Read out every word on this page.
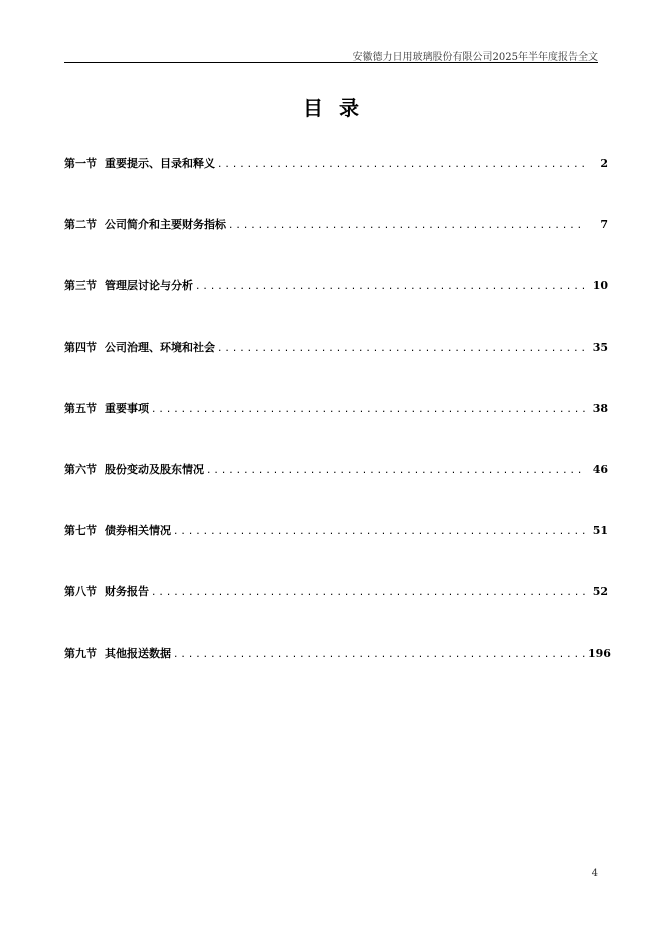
安徽德力日用玻璃股份有限公司2025年半年度报告全文
目录
第一节 重要提示、目录和释义 .....	2
第二节 公司简介和主要财务指标 .....	7
第三节 管理层讨论与分析 .....	10
第四节 公司治理、环境和社会 .....	35
第五节 重要事项 .....	38
第六节 股份变动及股东情况 .....	46
第七节 债券相关情况 .....	51
第八节 财务报告 .....	52
第九节 其他报送数据 .....	196
4
